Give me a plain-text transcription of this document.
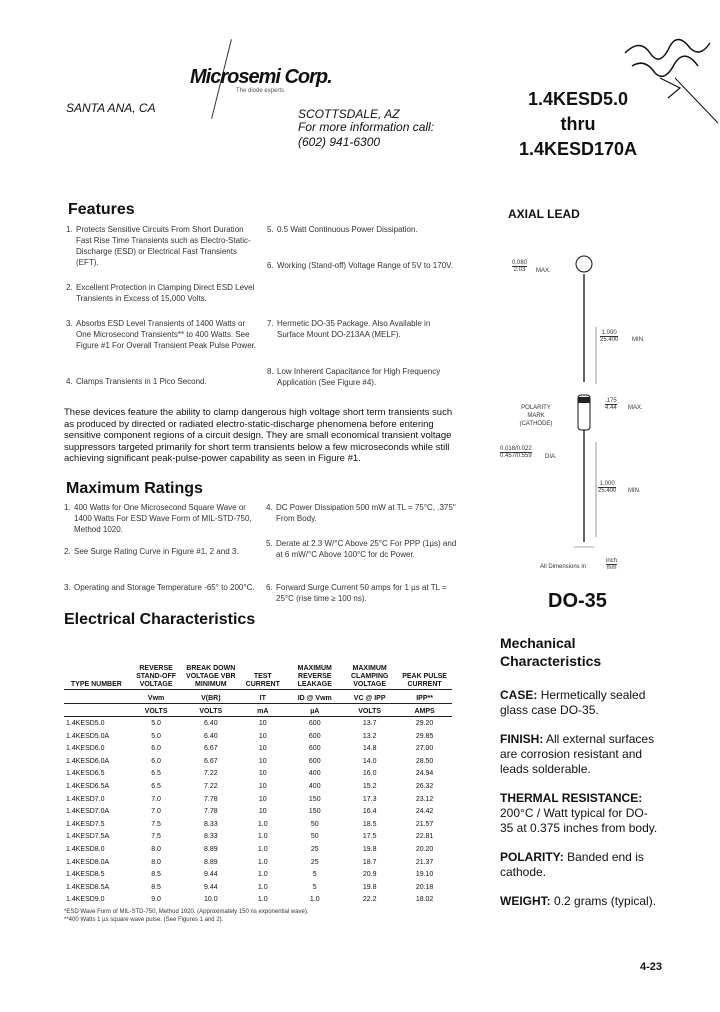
Microsemi Corp.
The diode experts
SANTA ANA, CA	SCOTTSDALE, AZ
For more information call:
(602) 941-6300
1.4KESD5.0
thru
1.4KESD170A
Features
1. Protects Sensitive Circuits From Short Duration Fast Rise Time Transients such as Electro-Static-Discharge (ESD) or Electrical Fast Transients (EFT).
2. Excellent Protection in Clamping Direct ESD Level Transients in Excess of 15,000 Volts.
3. Absorbs ESD Level Transients of 1400 Watts or One Microsecond Transients** to 400 Watts. See Figure #1 For Overall Transient Peak Pulse Power.
4. Clamps Transients in 1 Pico Second.
5. 0.5 Watt Continuous Power Dissipation.
6. Working (Stand-off) Voltage Range of 5V to 170V.
7. Hermetic DO-35 Package. Also Available in Surface Mount DO-213AA (MELF).
8. Low Inherent Capacitance for High Frequency Application (See Figure #4).
These devices feature the ability to clamp dangerous high voltage short term transients such as produced by directed or radiated electro-static-discharge phenomena before entering sensitive component regions of a circuit design. They are small economical transient voltage suppressors targeted primarily for short term transients below a few microseconds while still achieving significant peak-pulse-power capability as seen in Figure #1.
Maximum Ratings
1. 400 Watts for One Microsecond Square Wave or 1400 Watts For ESD Wave Form of MIL-STD-750, Method 1020.
2. See Surge Rating Curve in Figure #1, 2 and 3.
3. Operating and Storage Temperature -65° to 200°C.
4. DC Power Dissipation 500 mW at TL = 75°C, .375" From Body.
5. Derate at 2.3 W/°C Above 25°C For PPP (1µs) and at 6 mW/°C Above 100°C for dc Power.
6. Forward Surge Current 50 amps for 1 µs at TL = 25°C (rise time ≥ 100 ns).
Electrical Characteristics
TYPE NUMBER	REVERSE STAND-OFF VOLTAGE	BREAK DOWN VOLTAGE VBR MINIMUM	TEST CURRENT	MAXIMUM REVERSE LEAKAGE	MAXIMUM CLAMPING VOLTAGE	PEAK PULSE CURRENT
	Vwm	V(BR)	IT	ID @ Vwm	VC @ IPP	IPP**
	VOLTS	VOLTS	mA	µA	VOLTS	AMPS
1.4KESD5.0	5.0	6.40	10	600	13.7	29.20
1.4KESD5.0A	5.0	6.40	10	600	13.2	29.85
1.4KESD6.0	6.0	6.67	10	600	14.8	27.00
1.4KESD6.0A	6.0	6.67	10	600	14.0	28.50
1.4KESD6.5	6.5	7.22	10	400	16.0	24.94
1.4KESD6.5A	6.5	7.22	10	400	15.2	26.32
1.4KESD7.0	7.0	7.78	10	150	17.3	23.12
1.4KESD7.0A	7.0	7.78	10	150	16.4	24.42
1.4KESD7.5	7.5	8.33	1.0	50	18.5	21.57
1.4KESD7.5A	7.5	8.33	1.0	50	17.5	22.81
1.4KESD8.0	8.0	8.89	1.0	25	19.8	20.20
1.4KESD8.0A	8.0	8.89	1.0	25	18.7	21.37
1.4KESD8.5	8.5	9.44	1.0	5	20.9	19.10
1.4KESD8.5A	8.5	9.44	1.0	5	19.8	20.18
1.4KESD9.0	9.0	10.0	1.0	1.0	22.2	18.02
*ESD Wave Form of MIL-STD-750, Method 1020. (Approximately 150 ns exponential wave).
**400 Watts 1 µs square wave pulse. (See Figures 1 and 2).
AXIAL LEAD
0.080
2.03 MAX.
1.000
25.400 MIN.
.175
4.44 MAX.
POLARITY MARK (CATHODE)
0.018/0.022
0.457/0.559 DIA.
1.000
25.400 MIN.
All Dimensions in
inch
mm
DO-35
Mechanical
Characteristics
CASE: Hermetically sealed glass case DO-35.
FINISH: All external surfaces are corrosion resistant and leads solderable.
THERMAL RESISTANCE: 200°C / Watt typical for DO-35 at 0.375 inches from body.
POLARITY: Banded end is cathode.
WEIGHT: 0.2 grams (typical).
4-23
